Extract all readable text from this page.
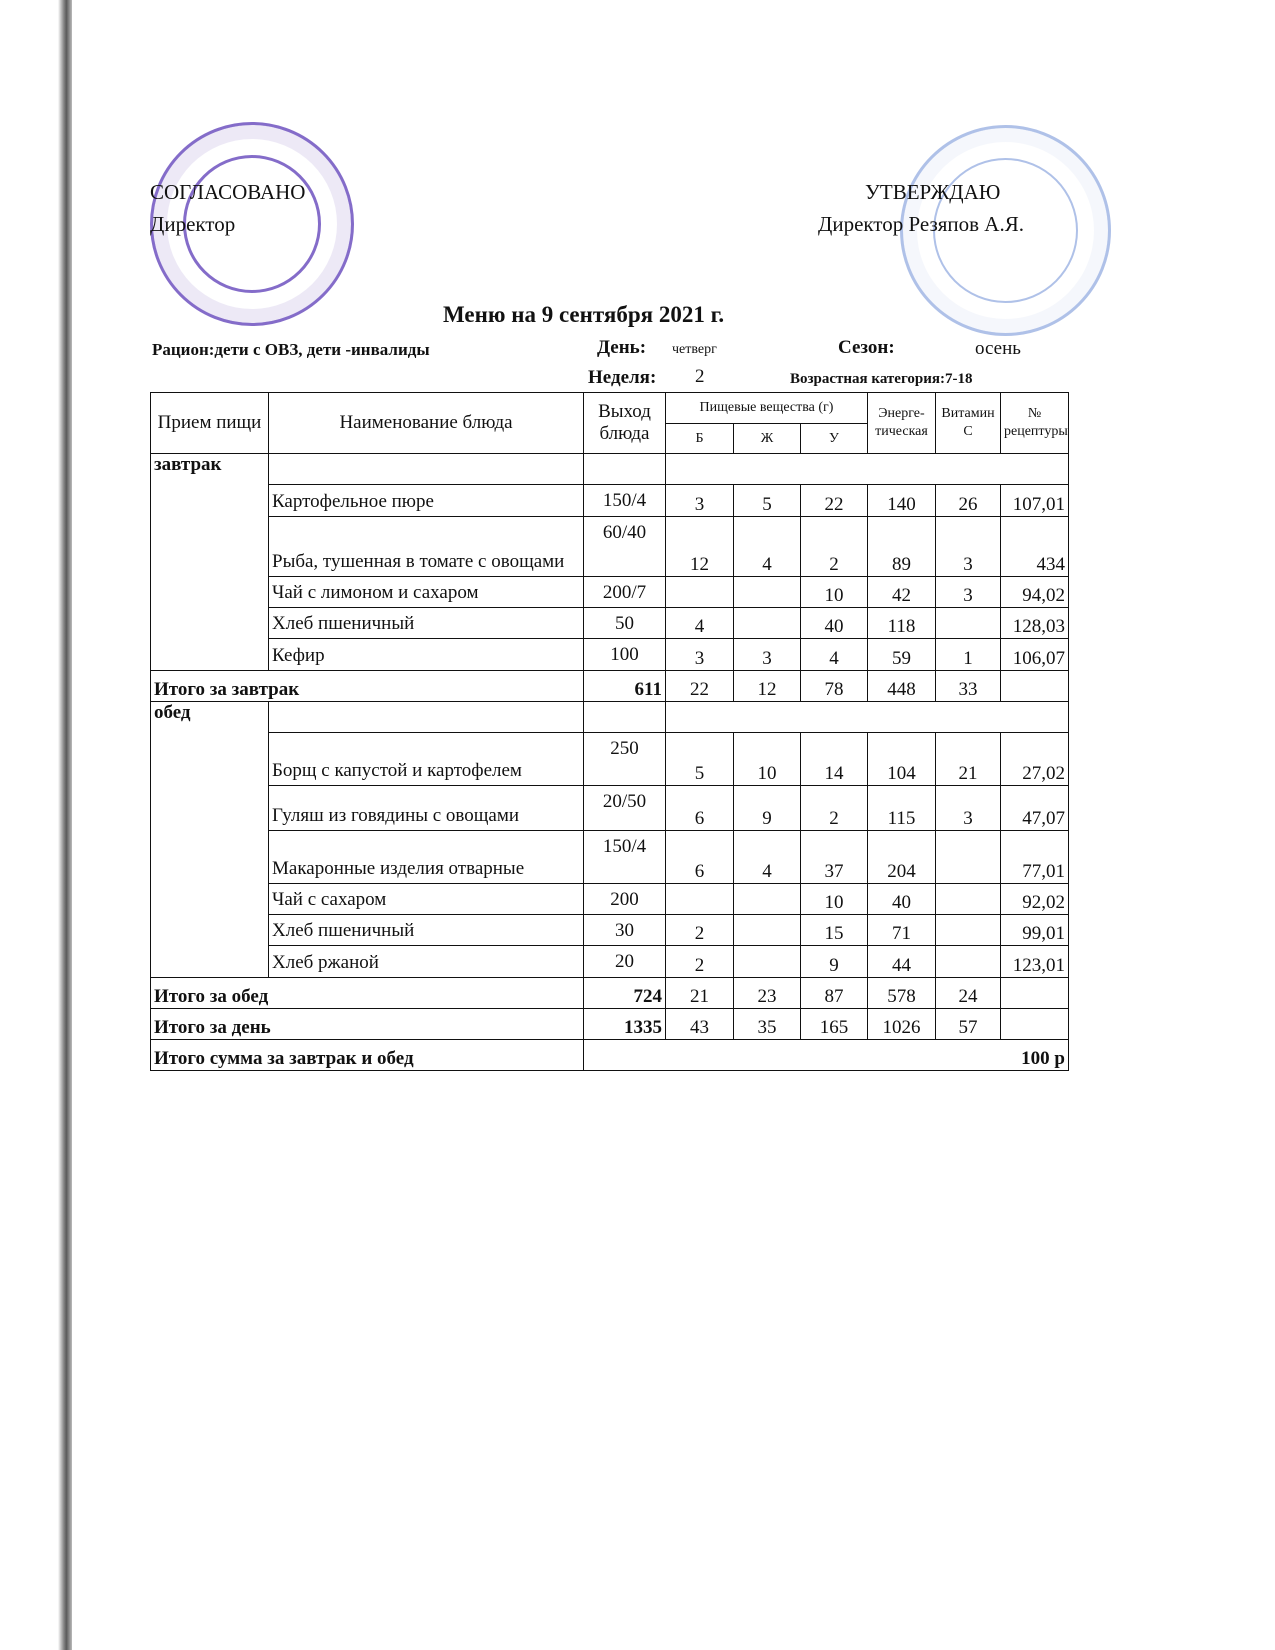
СОГЛАСОВАНО
Директор
УТВЕРЖДАЮ
Директор Резяпов А.Я.
Меню на 9 сентября 2021 г.
Рацион:дети с ОВЗ, дети -инвалиды	День: четверг	Сезон:	осень
Неделя: 2	Возрастная категория:7-18
Прием пищи	Наименование блюда	Выход блюда	Пищевые вещества (г)			Энерге-тическая	Витамин С	№ рецептуры
			Б	Ж	У			
завтрак								
	Картофельное пюре	150/4	3	5	22	140	26	107,01
	Рыба, тушенная в томате с овощами	60/40	12	4	2	89	3	434
	Чай с лимоном и сахаром	200/7			10	42	3	94,02
	Хлеб пшеничный	50	4		40	118		128,03
	Кефир	100	3	3	4	59	1	106,07
Итого за завтрак		611	22	12	78	448	33	
обед								
	Борщ с капустой и картофелем	250	5	10	14	104	21	27,02
	Гуляш из говядины с овощами	20/50	6	9	2	115	3	47,07
	Макаронные изделия отварные	150/4	6	4	37	204		77,01
	Чай с сахаром	200			10	40		92,02
	Хлеб пшеничный	30	2		15	71		99,01
	Хлеб ржаной	20	2		9	44		123,01
Итого за обед		724	21	23	87	578	24	
Итого за день		1335	43	35	165	1026	57	
Итого сумма за завтрак и обед		100 р						
